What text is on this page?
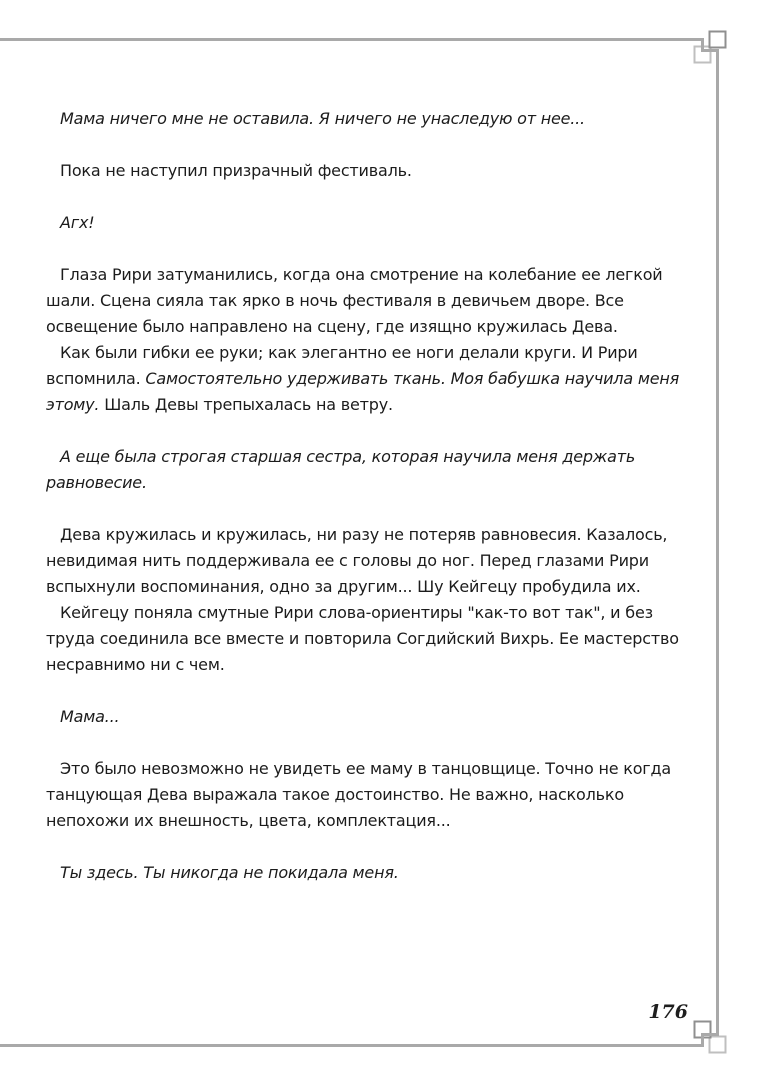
Мама ничего мне не оставила. Я ничего не унаследую от нее...

Пока не наступил призрачный фестиваль.

Агх!

Глаза Рири затуманились, когда она смотрение на колебание ее легкой шали. Сцена сияла так ярко в ночь фестиваля в девичьем дворе. Все освещение было направлено на сцену, где изящно кружилась Дева.

Как были гибки ее руки; как элегантно ее ноги делали круги. И Рири вспомнила. Самостоятельно удерживать ткань. Моя бабушка научила меня этому. Шаль Девы трепыхалась на ветру.

А еще была строгая старшая сестра, которая научила меня держать равновесие.

Дева кружилась и кружилась, ни разу не потеряв равновесия. Казалось, невидимая нить поддерживала ее с головы до ног. Перед глазами Рири вспыхнули воспоминания, одно за другим... Шу Кейгецу пробудила их.

Кейгецу поняла смутные Рири слова-ориентиры "как-то вот так", и без труда соединила все вместе и повторила Согдийский Вихрь. Ее мастерство несравнимо ни с чем.

Мама...

Это было невозможно не увидеть ее маму в танцовщице. Точно не когда танцующая Дева выражала такое достоинство. Не важно, насколько непохожи их внешность, цвета, комплектация...

Ты здесь. Ты никогда не покидала меня.

176
